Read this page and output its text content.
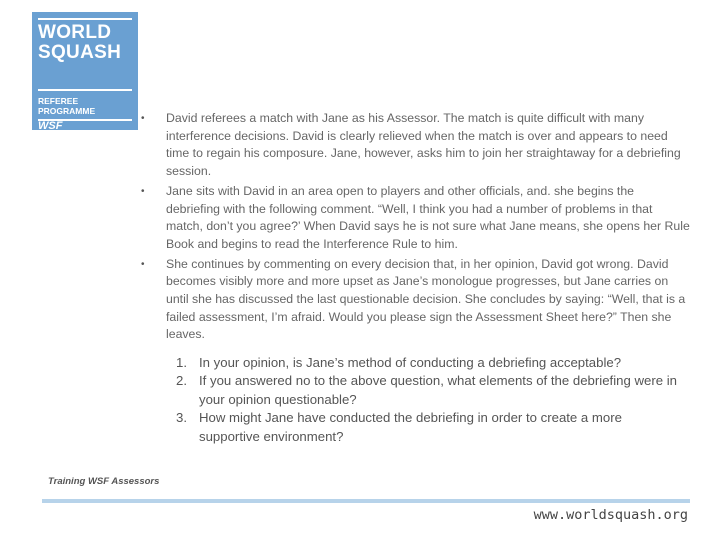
WORLD
SQUASH
REFEREE
PROGRAMME
WSF
• David referees a match with Jane as his Assessor. The match is quite difficult with many interference decisions. David is clearly relieved when the match is over and appears to need time to regain his composure. Jane, however, asks him to join her straightaway for a debriefing session.
• Jane sits with David in an area open to players and other officials, and. she begins the debriefing with the following comment. “Well, I think you had a number of problems in that match, don’t you agree?’ When David says he is not sure what Jane means, she opens her Rule Book and begins to read the Interference Rule to him.
• She continues by commenting on every decision that, in her opinion, David got wrong. David becomes visibly more and more upset as Jane’s monologue progresses, but Jane carries on until she has discussed the last questionable decision. She concludes by saying: “Well, that is a failed assessment, I’m afraid. Would you please sign the Assessment Sheet here?” Then she leaves.
1. In your opinion, is Jane’s method of conducting a debriefing acceptable?
2. If you answered no to the above question, what elements of the debriefing were in your opinion questionable?
3. How might Jane have conducted the debriefing in order to create a more supportive environment?
Training WSF Assessors
www.worldsquash.org
